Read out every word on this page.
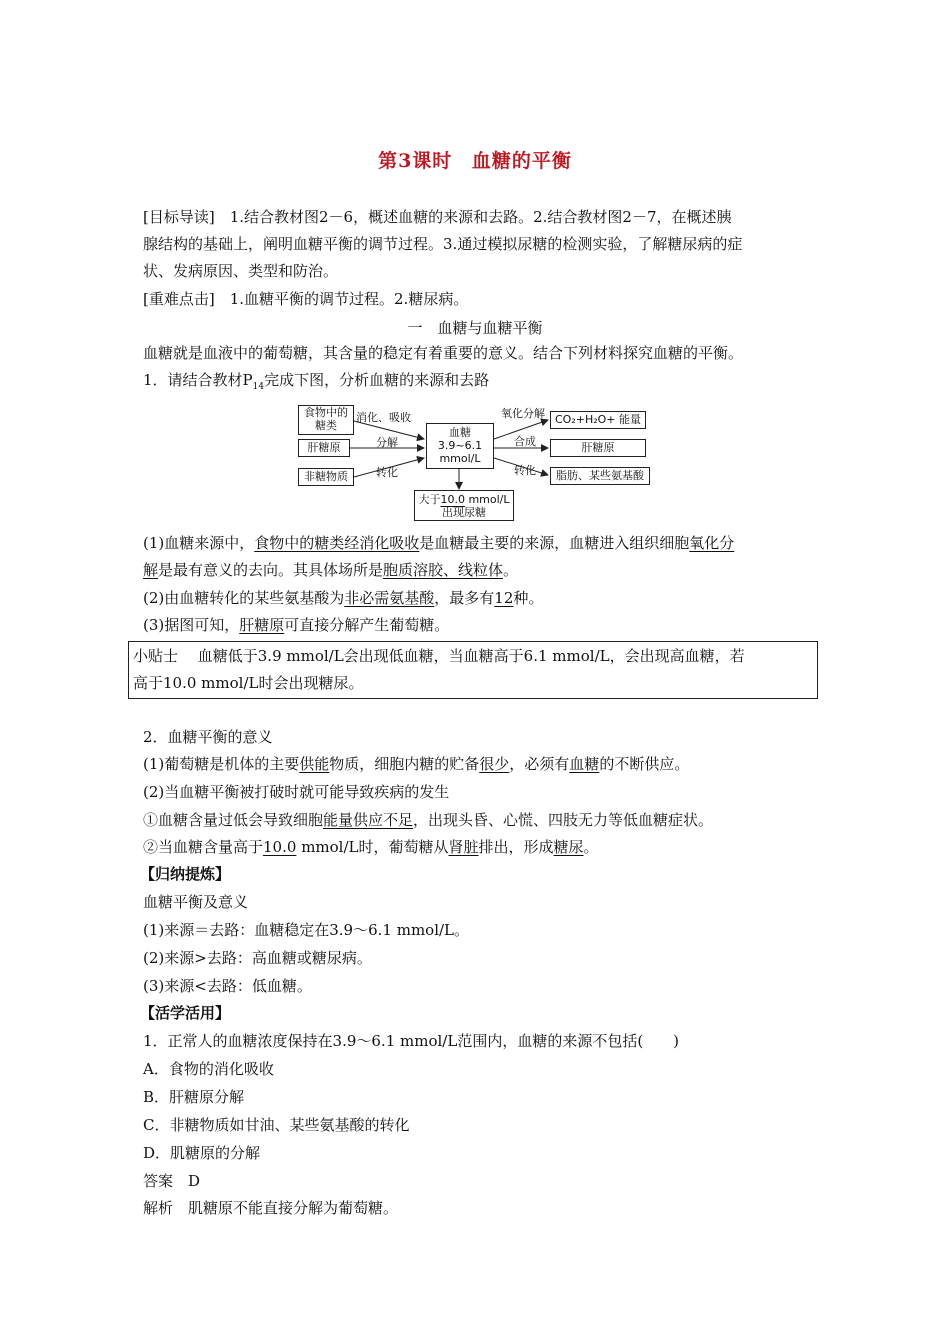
第3课时 血糖的平衡
[目标导读]　1.结合教材图2－6，概述血糖的来源和去路。2.结合教材图2－7，在概述胰
腺结构的基础上，阐明血糖平衡的调节过程。3.通过模拟尿糖的检测实验，了解糖尿病的症
状、发病原因、类型和防治。
[重难点击]　1.血糖平衡的调节过程。2.糖尿病。
一　血糖与血糖平衡
血糖就是血液中的葡萄糖，其含量的稳定有着重要的意义。结合下列材料探究血糖的平衡。
1．请结合教材$P_{14}$完成下图，分析血糖的来源和去路
食物中的糖类
肝糖原
非糖物质
消化、吸收
分解
转化
血糖
3.9~6.1
mmol/L
氧化分解
合成
转化
CO₂+H₂O+ 能量
肝糖原
脂肪、某些氨基酸
大于10.0 mmol/L
出现尿糖
(1)血糖来源中，食物中的糖类经消化吸收是血糖最主要的来源，血糖进入组织细胞氧化分
解是最有意义的去向。其具体场所是胞质溶胶、线粒体。
(2)由血糖转化的某些氨基酸为非必需氨基酸，最多有12种。
(3)据图可知，肝糖原可直接分解产生葡萄糖。
小贴士　 血糖低于3.9 mmol/L会出现低血糖，当血糖高于6.1 mmol/L，会出现高血糖，若
高于10.0 mmol/L时会出现糖尿。
2．血糖平衡的意义
(1)葡萄糖是机体的主要供能物质，细胞内糖的贮备很少，必须有血糖的不断供应。
(2)当血糖平衡被打破时就可能导致疾病的发生
①血糖含量过低会导致细胞能量供应不足，出现头昏、心慌、四肢无力等低血糖症状。
②当血糖含量高于10.0 mmol/L时，葡萄糖从肾脏排出，形成糖尿。
【归纳提炼】
血糖平衡及意义
(1)来源＝去路：血糖稳定在3.9～6.1 mmol/L。
(2)来源>去路：高血糖或糖尿病。
(3)来源<去路：低血糖。
【活学活用】
1．正常人的血糖浓度保持在3.9～6.1 mmol/L范围内，血糖的来源不包括(　　)
A．食物的消化吸收
B．肝糖原分解
C．非糖物质如甘油、某些氨基酸的转化
D．肌糖原的分解
答案　D
解析　肌糖原不能直接分解为葡萄糖。
